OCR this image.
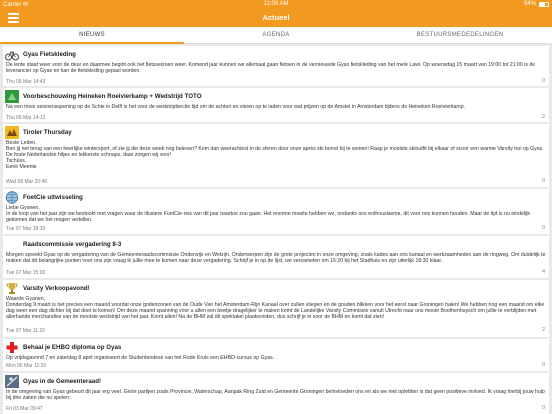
Carrier ✉	11:00 AM	64%
Actueel
NIEUWS	AGENDA	BESTUURSMEDEDELINGEN
Gyas Fietskleding
De lente staat weer voor de deur en daarmee begint ook het fietsseizoen weer. Komend jaar kunnen we allemaal gaan fietsen in de vernieuwde Gyas fietskleding van het merk Lawi. Op woensdag 15 maart van 19:00 tot 21:00 is de leverancier op Gyas en kan de fietskleding gepast worden.
Thu 09 Mar 14:43	0
Voorbeschouwing Heineken Roeivierkamp + Wedstrijd TOTO
Na een mooi seizoensopening op de Schie in Delft is het voor de wedstrijdsectie tijd om de achten en vieren op te laden voor wat prijzen op de Amstel in Amsterdam tijdens de Heineken Roeivierkamp.
Thu 09 Mar 14:12	2
Tiroler Thursday
Beste Leden,
Ben jij net terug van een heerlijke wintersport, of zie jij die deze week nog beleven? Kom dan weerachiest in de sferen door onze après ski borrel bij te wonen! Raap je mooiste skioutfit bij elkaar of scoor een warme Varsity trui op Gyas. De foute Nederlandse hitjes en lekkerste schnaps, daar zorgen wij voor!
Tschüss,
Eerie Meenie
Wed 08 Mar 20:49	0
FoetCie uitwisseling
Liebe Gyanen,
In de loop van het jaar zijn we bestookt met vragen waar de illustere FoetCie-reis van dit jaar naartoe zou gaan. Het enorme moeite hebben we, ondanks ons enthousiasme, dit voor ons kunnen houden. Maar de tijd is nu eindelijk gekomen dat we het mogen vertellen.
Tue 07 Mar 18:33	0
Raadscommissie vergadering 8-3
Morgen spreekt Gyas op de vergadering van de Gemeenteraadscommissie Onderwijs en Welzijn. Onderwerpen zijn de grote projecten in onze omgeving, zoals kades aan ons kanaal en werkzaamheden aan de ringweg. Om duidelijk te maken dat dit belangrijke punten voor ons zijn vraag ik jullie mee te komen naar deze vergadering. Schrijf je in op de lijst, we verzamelen om 16:20 bij het Stadhuis en zijn uiterlijk 18:30 klaar.
Tue 07 Mar 15:03	4
Varsity Verkoopavond!
Waarde Gyanen,
Donderdag 9 maart is het precies een maand voordat onze godenzonen van de Oude Vier het Amsterdam-Rijn Kanaal over zullen vliegen en de gouden blikken voor het eerst naar Groningen halen! We hebben nog een maand om elke dag weer een dag dichter bij dat doel te komen! Om deze maand spanning voor u allen een beetje dragelijker te maken komt de Landelijke Varsity Commissie vanuit Utrecht naar ons mooie Boothenhuysch om jullie te verblijden met allerhande merchandise van de mooiste wedstrijd van het jaar. Komt allen! Na de BHM zal dit spektakel plaatsvinden, dus schrijf je in voor de BHM en komt dat zien!
Tue 07 Mar 11:16	2
Behaal je EHBO diploma op Gyas
Op vrijdagavond 7 en zaterdag 8 april organiseert de Studentendesk van het Rode Kruis een EHBO-cursus op Gyas.
Mon 06 Mar 11:20	0
Gyas in de Gemeenteraad!
In de omgeving van Gyas gebeurt dit jaar erg veel. Grote partijen zoals Provincie, Waterschap, Aanpak Ring Zuid en Gemeente Groningen beïnvloeden ons en als we niet oplettten is dat geen positieve invloed. Ik vraag hierbij jouw hulp bij drie zaken die nu spelen:
Fri 03 Mar 09:47	0
